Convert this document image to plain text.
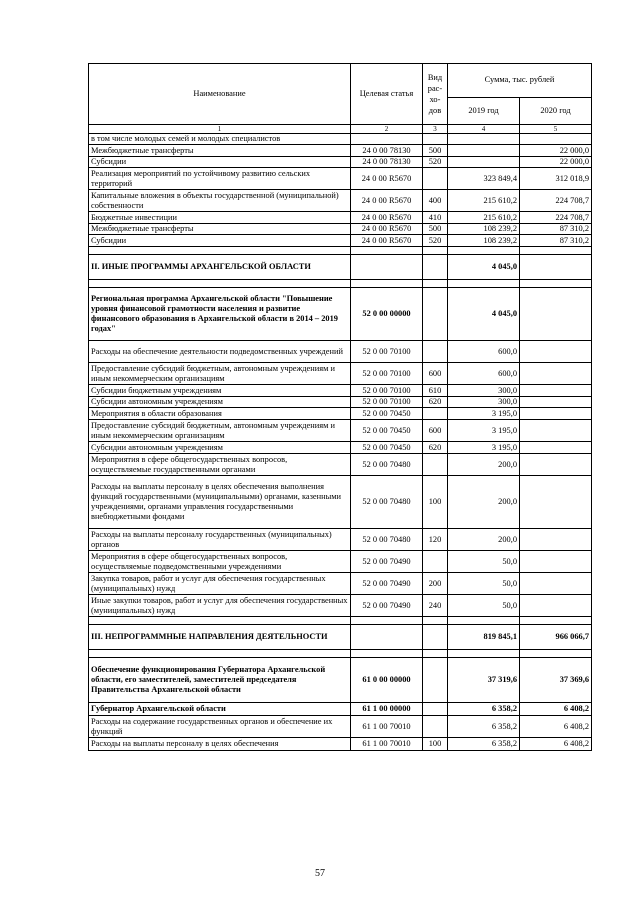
Наименование	Целевая статья	Вид
рас-
хо-
дов	Сумма, тыс. рублей	
			2019 год	2020 год
1	2	3	4	5
в том числе молодых семей и молодых специалистов				
Межбюджетные трансферты	24 0 00 78130	500		22 000,0
Субсидии	24 0 00 78130	520		22 000,0
Реализация мероприятий по устойчивому развитию сельских территорий	24 0 00 R5670		323 849,4	312 018,9
Капитальные вложения в объекты государственной (муниципальной) собственности	24 0 00 R5670	400	215 610,2	224 708,7
Бюджетные инвестиции	24 0 00 R5670	410	215 610,2	224 708,7
Межбюджетные трансферты	24 0 00 R5670	500	108 239,2	87 310,2
Субсидии	24 0 00 R5670	520	108 239,2	87 310,2

II. ИНЫЕ ПРОГРАММЫ АРХАНГЕЛЬСКОЙ ОБЛАСТИ			4 045,0	

Региональная программа Архангельской области "Повышение уровня финансовой грамотности населения и развитие финансового образования в Архангельской области в 2014 – 2019 годах"	52 0 00 00000		4 045,0	
Расходы на обеспечение деятельности подведомственных учреждений	52 0 00 70100		600,0	
Предоставление субсидий бюджетным, автономным учреждениям и иным некоммерческим организациям	52 0 00 70100	600	600,0	
Субсидии бюджетным учреждениям	52 0 00 70100	610	300,0	
Субсидии автономным учреждениям	52 0 00 70100	620	300,0	
Мероприятия в области образования	52 0 00 70450		3 195,0	
Предоставление субсидий бюджетным, автономным учреждениям и иным некоммерческим организациям	52 0 00 70450	600	3 195,0	
Субсидии автономным учреждениям	52 0 00 70450	620	3 195,0	
Мероприятия в сфере общегосударственных вопросов, осуществляемые государственными органами	52 0 00 70480		200,0	
Расходы на выплаты персоналу в целях обеспечения выполнения функций государственными (муниципальными) органами, казенными учреждениями, органами управления государственными внебюджетными фондами	52 0 00 70480	100	200,0	
Расходы на выплаты персоналу государственных (муниципальных) органов	52 0 00 70480	120	200,0	
Мероприятия в сфере общегосударственных вопросов, осуществляемые подведомственными учреждениями	52 0 00 70490		50,0	
Закупка товаров, работ и услуг для обеспечения государственных (муниципальных) нужд	52 0 00 70490	200	50,0	
Иные закупки товаров, работ и услуг для обеспечения государственных (муниципальных) нужд	52 0 00 70490	240	50,0	

III. НЕПРОГРАММНЫЕ НАПРАВЛЕНИЯ ДЕЯТЕЛЬНОСТИ			819 845,1	966 066,7

Обеспечение функционирования Губернатора Архангельской области, его заместителей, заместителей председателя Правительства Архангельской области	61 0 00 00000		37 319,6	37 369,6
Губернатор Архангельской области	61 1 00 00000		6 358,2	6 408,2
Расходы на содержание государственных органов и обеспечение их функций	61 1 00 70010		6 358,2	6 408,2
Расходы на выплаты персоналу в целях обеспечения	61 1 00 70010	100	6 358,2	6 408,2
57
